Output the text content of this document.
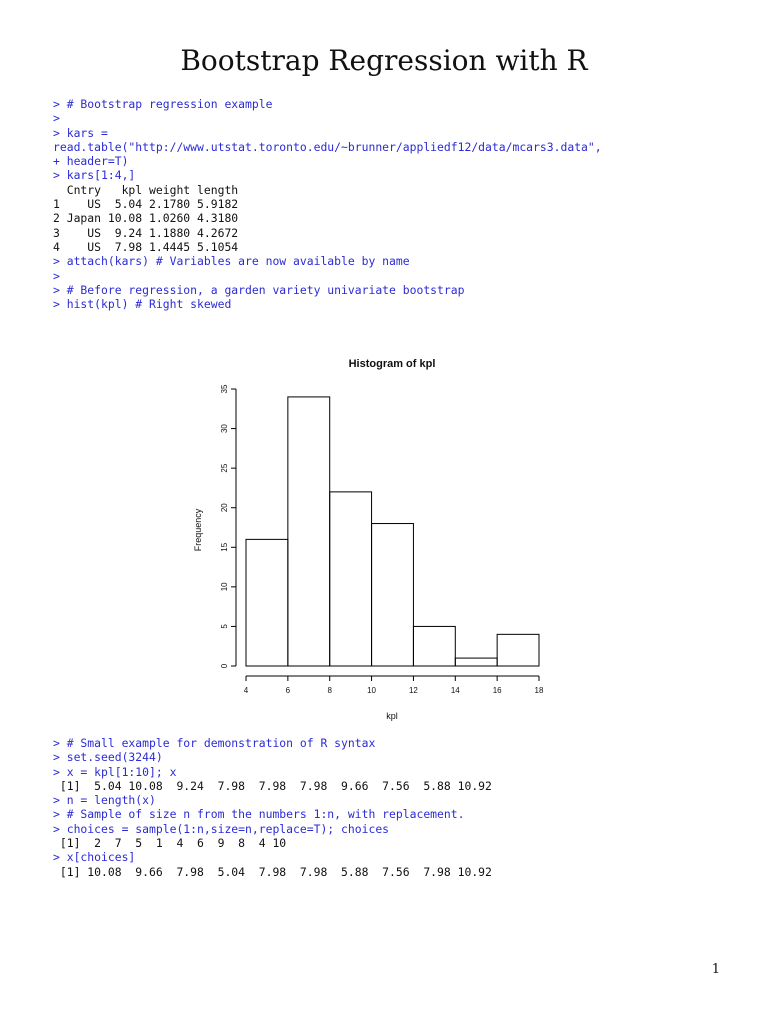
Bootstrap Regression with R
> # Bootstrap regression example
>
> kars =
read.table("http://www.utstat.toronto.edu/~brunner/appliedf12/data/mcars3.data",
+ header=T)
> kars[1:4,]
Cntry   kpl weight length
1    US  5.04 2.1780 5.9182
2 Japan 10.08 1.0260 4.3180
3    US  9.24 1.1880 4.2672
4    US  7.98 1.4445 5.1054
> attach(kars) # Variables are now available by name
>
> # Before regression, a garden variety univariate bootstrap
> hist(kpl) # Right skewed
Histogram of kpl
Frequency
kpl
4	6	8	10	12	14	16	18
0
5
10
15
20
25
30
35
> # Small example for demonstration of R syntax
> set.seed(3244)
> x = kpl[1:10]; x
[1]  5.04 10.08  9.24  7.98  7.98  7.98  9.66  7.56  5.88 10.92
> n = length(x)
> # Sample of size n from the numbers 1:n, with replacement.
> choices = sample(1:n,size=n,replace=T); choices
[1]  2  7  5  1  4  6  9  8  4 10
> x[choices]
[1] 10.08  9.66  7.98  5.04  7.98  7.98  5.88  7.56  7.98 10.92
1
